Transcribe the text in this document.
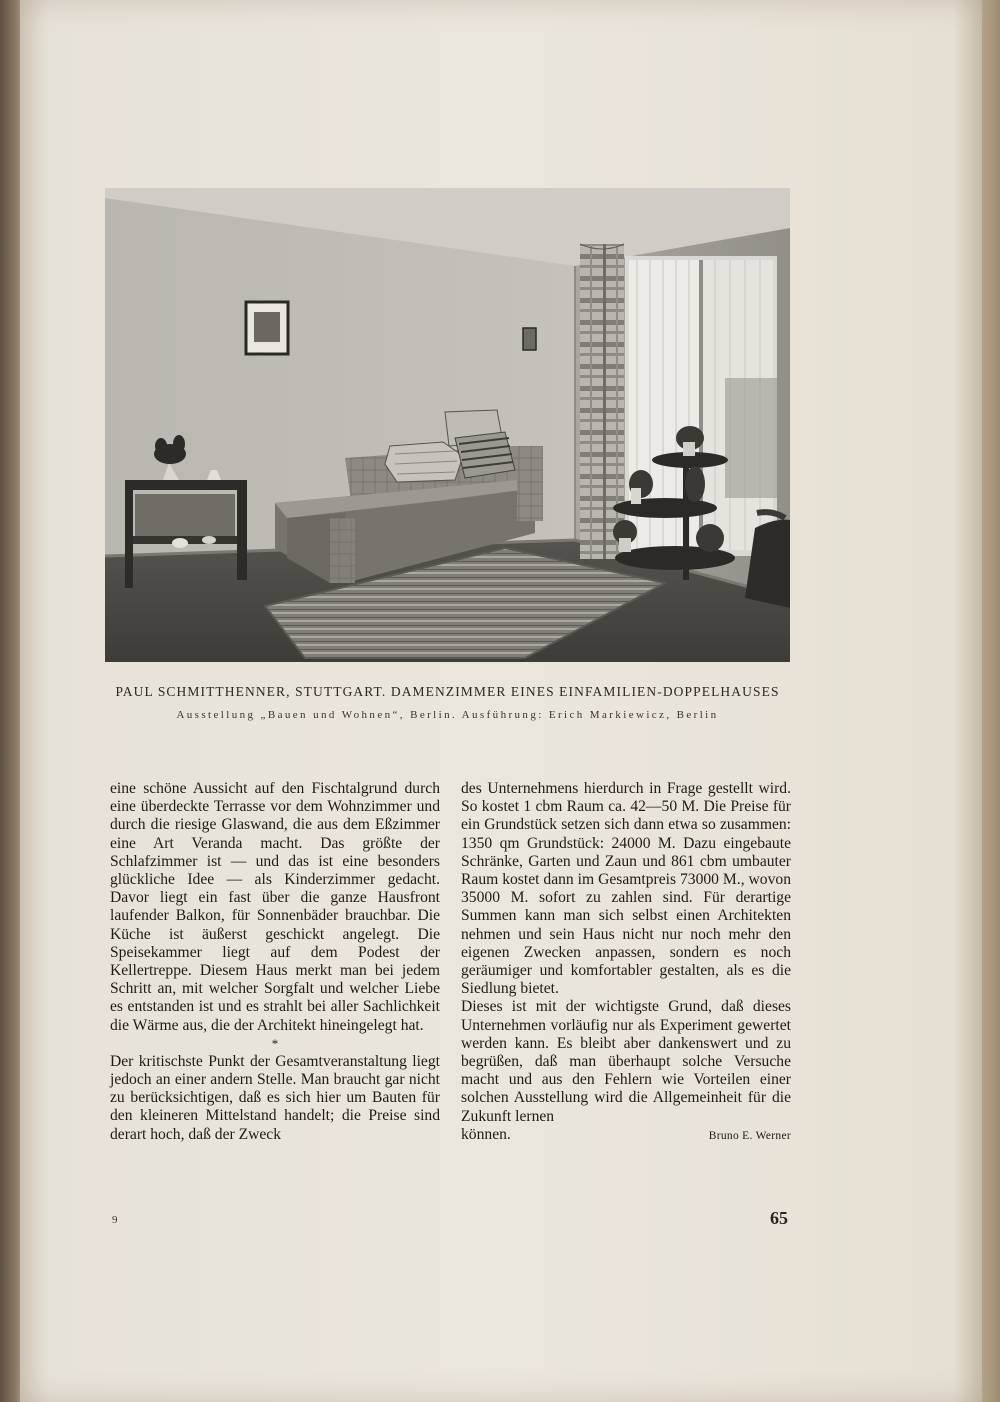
PAUL SCHMITTHENNER, STUTTGART. DAMENZIMMER EINES EINFAMILIEN-DOPPELHAUSES
Ausstellung „Bauen und Wohnen“, Berlin. Ausführung: Erich Markiewicz, Berlin

eine schöne Aussicht auf den Fischtalgrund durch eine überdeckte Terrasse vor dem Wohnzimmer und durch die riesige Glaswand, die aus dem Eßzimmer eine Art Veranda macht. Das größte der Schlafzimmer ist — und das ist eine besonders glückliche Idee — als Kinderzimmer gedacht. Davor liegt ein fast über die ganze Hausfront laufender Balkon, für Sonnenbäder brauchbar. Die Küche ist äußerst geschickt angelegt. Die Speisekammer liegt auf dem Podest der Kellertreppe. Diesem Haus merkt man bei jedem Schritt an, mit welcher Sorgfalt und welcher Liebe es entstanden ist und es strahlt bei aller Sachlichkeit die Wärme aus, die der Architekt hineingelegt hat.

*

Der kritischste Punkt der Gesamtveranstaltung liegt jedoch an einer andern Stelle. Man braucht gar nicht zu berücksichtigen, daß es sich hier um Bauten für den kleineren Mittelstand handelt; die Preise sind derart hoch, daß der Zweck

des Unternehmens hierdurch in Frage gestellt wird. So kostet 1 cbm Raum ca. 42—50 M. Die Preise für ein Grundstück setzen sich dann etwa so zusammen: 1350 qm Grundstück: 24000 M. Dazu eingebaute Schränke, Garten und Zaun und 861 cbm umbauter Raum kostet dann im Gesamtpreis 73000 M., wovon 35000 M. sofort zu zahlen sind. Für derartige Summen kann man sich selbst einen Architekten nehmen und sein Haus nicht nur noch mehr den eigenen Zwecken anpassen, sondern es noch geräumiger und komfortabler gestalten, als es die Siedlung bietet.

Dieses ist mit der wichtigste Grund, daß dieses Unternehmen vorläufig nur als Experiment gewertet werden kann. Es bleibt aber dankenswert und zu begrüßen, daß man überhaupt solche Versuche macht und aus den Fehlern wie Vorteilen einer solchen Ausstellung wird die Allgemeinheit für die Zukunft lernen

können.	Bruno E. Werner

9	65
